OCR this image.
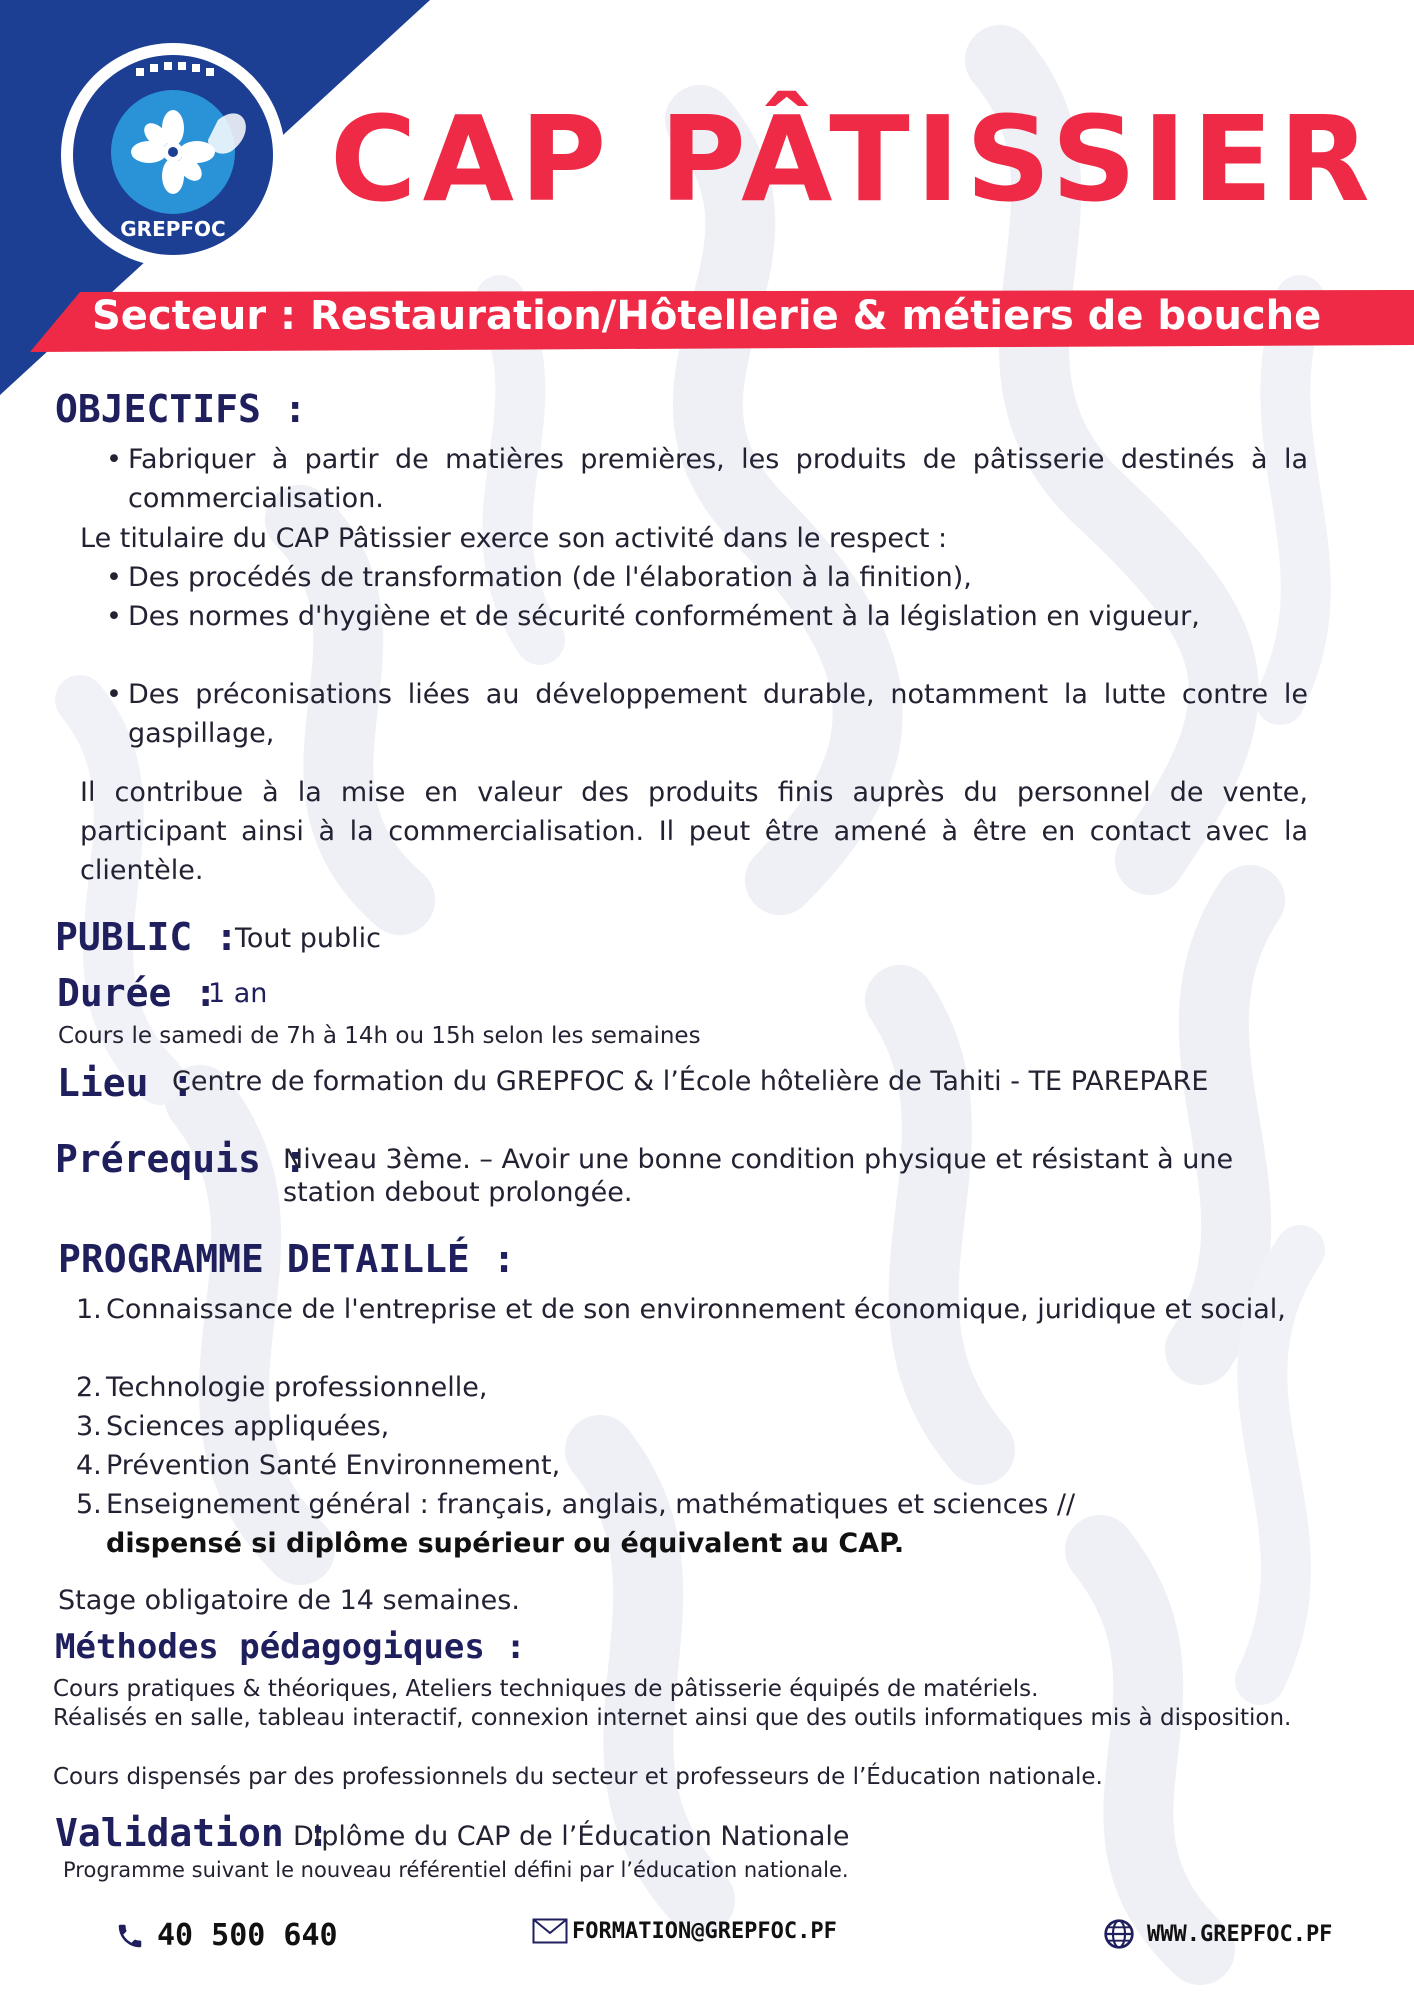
GREPFOC
CAP PÂTISSIER
Secteur : Restauration/Hôtellerie & métiers de bouche
OBJECTIFS :
• Fabriquer à partir de matières premières, les produits de pâtisserie destinés à la commercialisation.
Le titulaire du CAP Pâtissier exerce son activité dans le respect :
• Des procédés de transformation (de l'élaboration à la finition),
• Des normes d'hygiène et de sécurité conformément à la législation en vigueur,
• Des préconisations liées au développement durable, notamment la lutte contre le gaspillage,
Il contribue à la mise en valeur des produits finis auprès du personnel de vente, participant ainsi à la commercialisation. Il peut être amené à être en contact avec la clientèle.
PUBLIC :
Tout public
Durée :
1 an
Cours le samedi de 7h à 14h ou 15h selon les semaines
Lieu :
Centre de formation du GREPFOC & l’École hôtelière de Tahiti - TE PAREPARE
Prérequis :
Niveau 3ème. – Avoir une bonne condition physique et résistant à une station debout prolongée.
PROGRAMME DETAILLÉ :
1. Connaissance de l'entreprise et de son environnement économique, juridique et social,
2. Technologie professionnelle,
3. Sciences appliquées,
4. Prévention Santé Environnement,
5. Enseignement général : français, anglais, mathématiques et sciences //
dispensé si diplôme supérieur ou équivalent au CAP.
Stage obligatoire de 14 semaines.
Méthodes pédagogiques :
Cours pratiques & théoriques, Ateliers techniques de pâtisserie équipés de matériels.
Réalisés en salle, tableau interactif, connexion internet ainsi que des outils informatiques mis à disposition.
Cours dispensés par des professionnels du secteur et professeurs de l’Éducation nationale.
Validation :
Diplôme du CAP de l’Éducation Nationale
Programme suivant le nouveau référentiel défini par l’éducation nationale.
40 500 640	FORMATION@GREPFOC.PF	WWW.GREPFOC.PF
